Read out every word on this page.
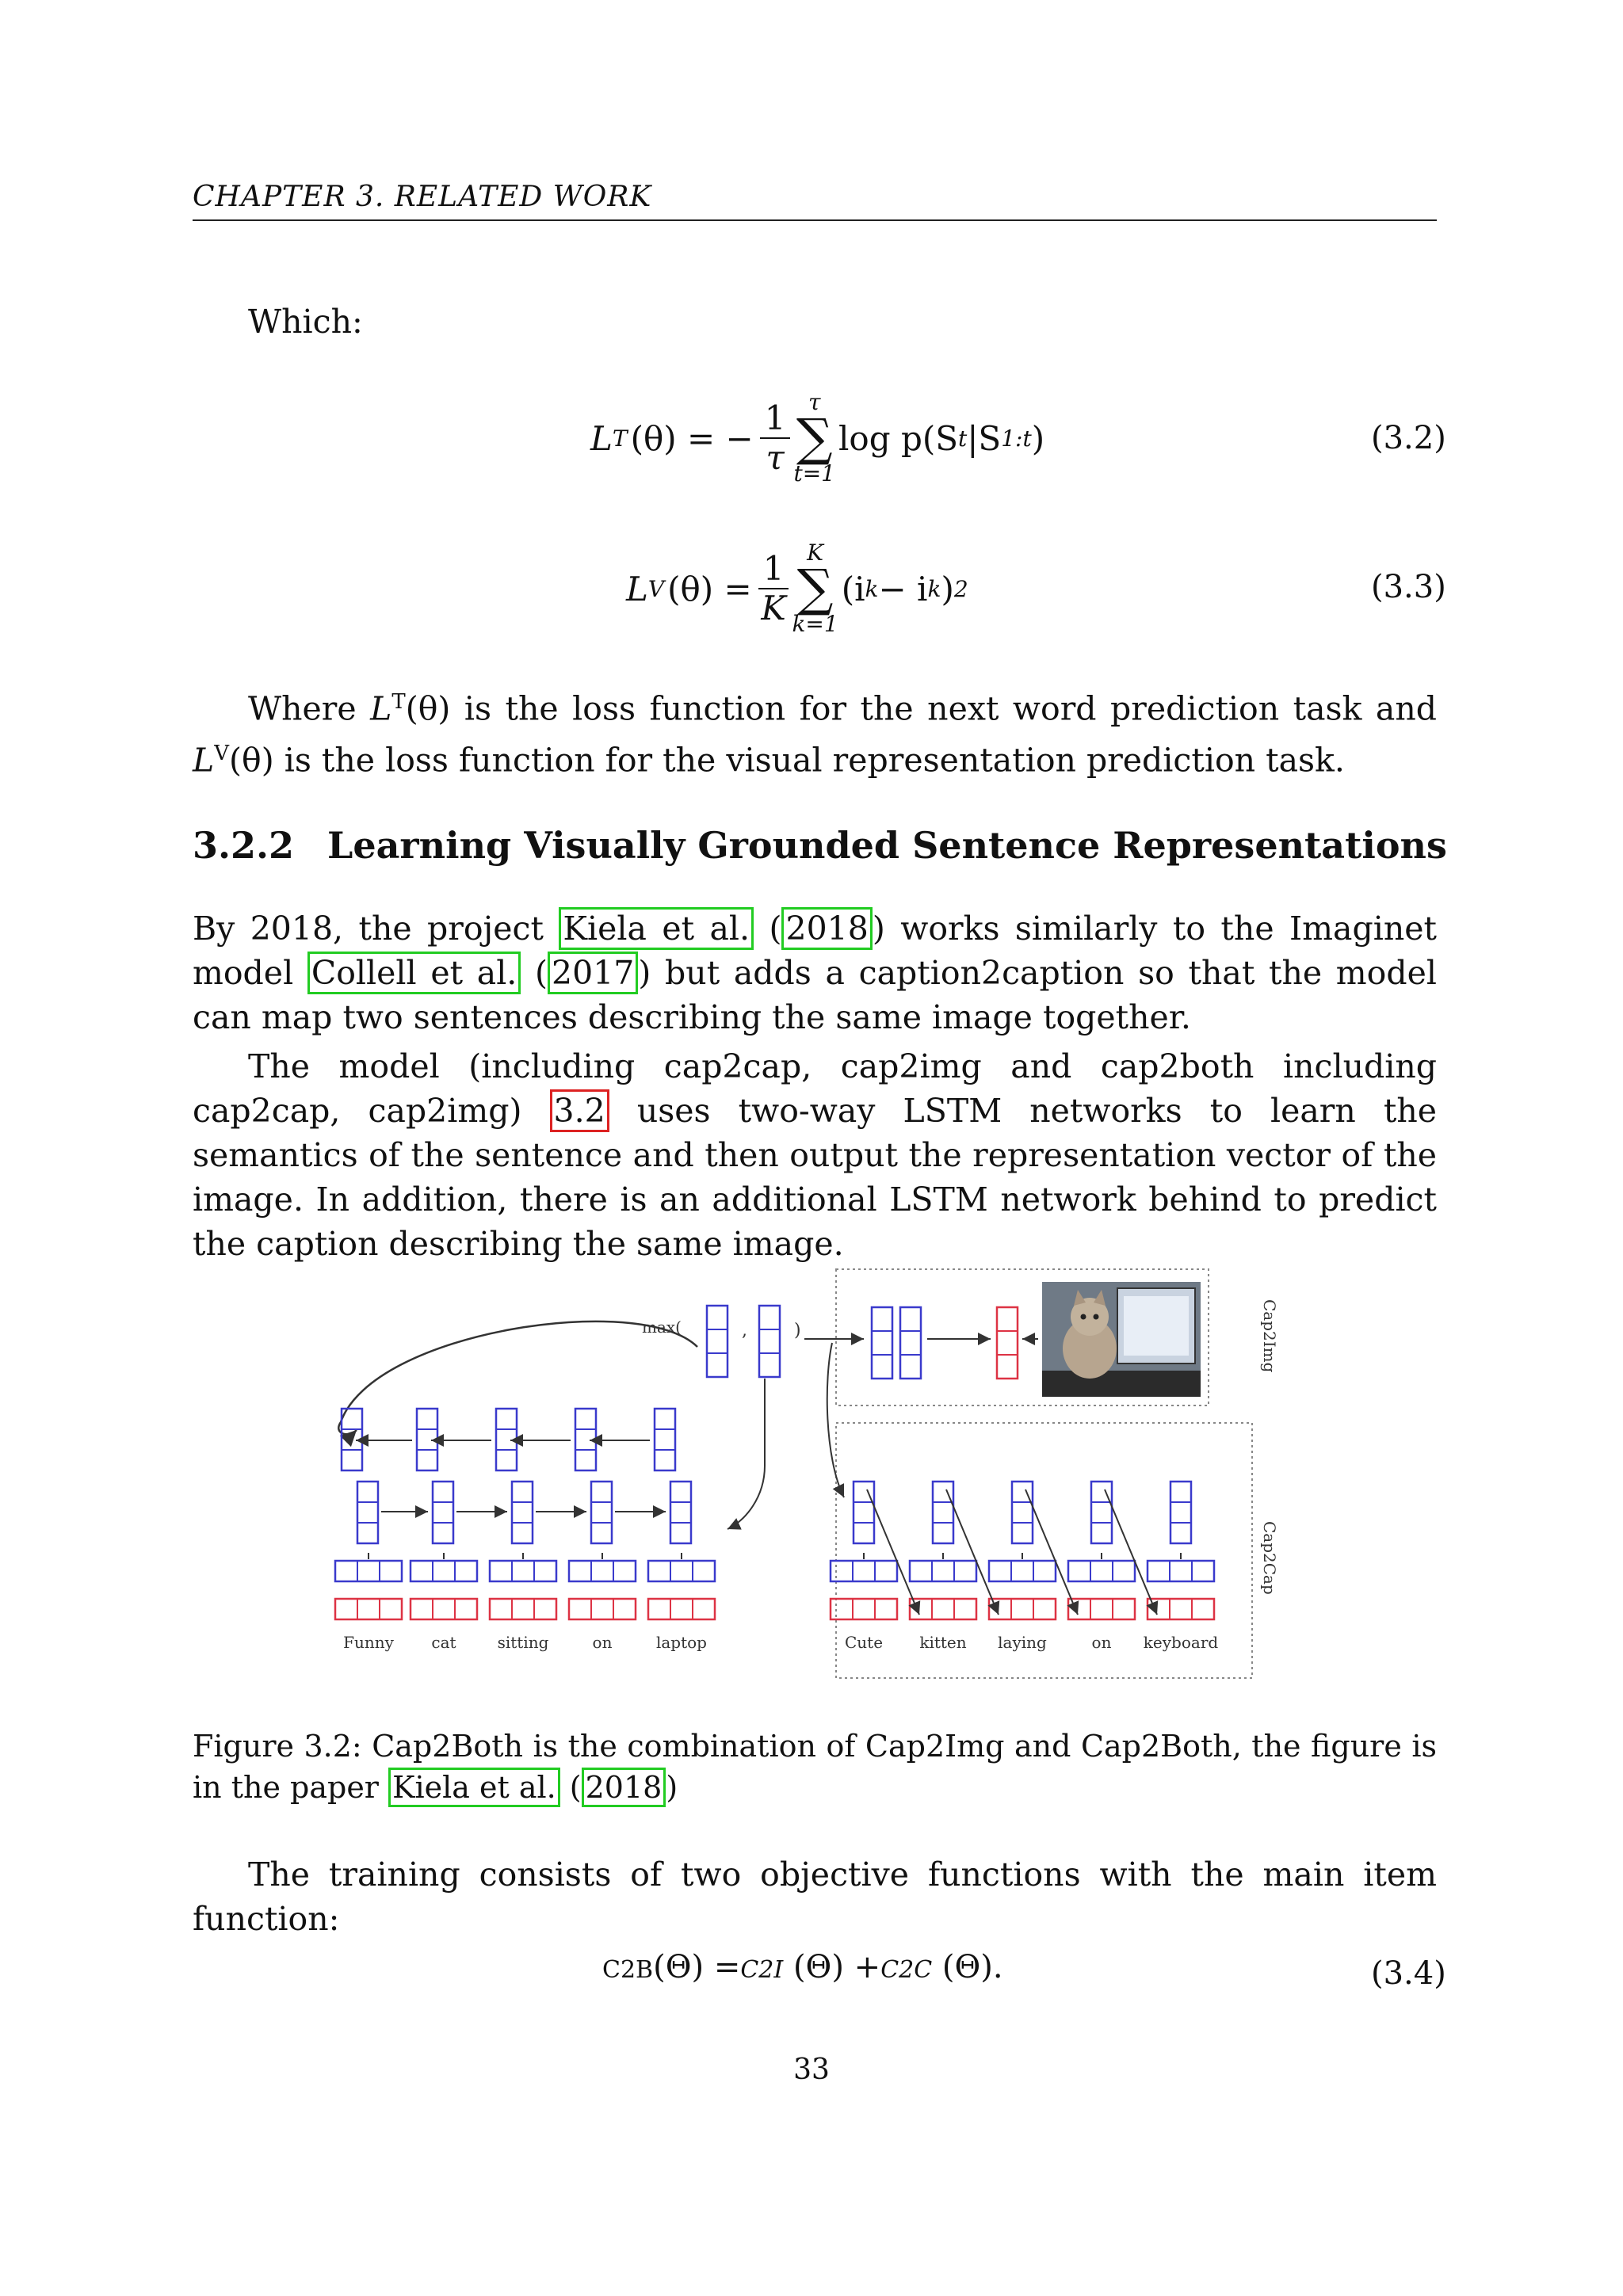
CHAPTER 3. RELATED WORK
Which:
L T (θ) = − $\frac{1}{\tau}$ τ
∑
t=1
log p(S t |S 1:t )	(3.2)
L V $(\theta) = \frac{1}{K}$ K
∑
k=1
(i k − i k ) 2	(3.3)
Where $L^T(\theta)$ is the loss function for the next word prediction task and $L^V(\theta)$ is the loss function for the visual representation prediction task.
3.2.2 Learning Visually Grounded Sentence Representations
By 2018, the project Kiela et al. ( 2018 ) works similarly to the Imaginet model Collell et al. ( 2017 ) but adds a caption2caption so that the model can map two sentences describing the same image together.
The model (including cap2cap, cap2img and cap2both including cap2cap, cap2img) 3.2 uses two-way LSTM networks to learn the semantics of the sentence and then output the representation vector of the image. In addition, there is an additional LSTM network behind to predict the caption describing the same image.
max(	,	)	Cap2Img
Cap2Cap
Funny cat	sitting	on	laptop	Cute kitten laying	on keyboard
Figure 3.2: Cap2Both is the combination of Cap2Img and Cap2Both, the figure is in the paper Kiela et al. ( 2018 )
The training consists of two objective functions with the main item function:
C2B(Θ) =C2I (Θ) +C2C (Θ).	(3.4)
33
